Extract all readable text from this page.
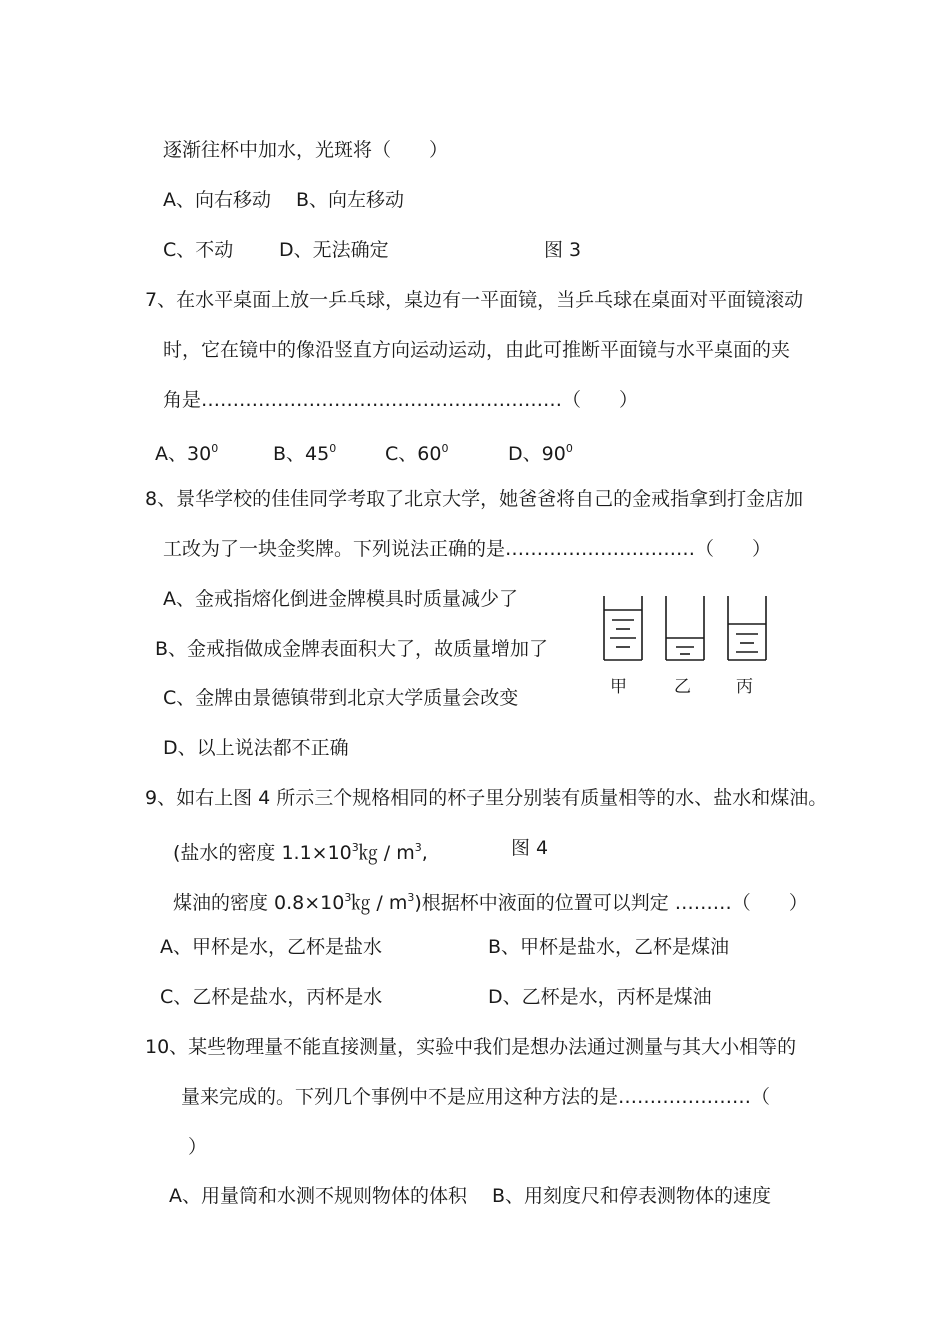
逐渐往杯中加水，光斑将（　　）
A、向右移动 B、向左移动
C、不动 D、无法确定	图 3
7、在水平桌面上放一乒乓球，桌边有一平面镜，当乒乓球在桌面对平面镜滚动
时，它在镜中的像沿竖直方向运动运动，由此可推断平面镜与水平桌面的夹
角是…………………………………………………（　　）
A、$30^0$	B、$45^0$	C、$60^0$	D、$90^0$
8、景华学校的佳佳同学考取了北京大学，她爸爸将自己的金戒指拿到打金店加
工改为了一块金奖牌。下列说法正确的是…………………………（　　）
A、金戒指熔化倒进金牌模具时质量减少了
B、金戒指做成金牌表面积大了，故质量增加了
C、金牌由景德镇带到北京大学质量会改变
D、以上说法都不正确
甲	乙	丙
9、如右上图 4 所示三个规格相同的杯子里分别装有质量相等的水、盐水和煤油。
(盐水的密度 $1.1\times 10^3㎏ / m^3$,	图 4
煤油的密度 $0.8\times 10^3㎏ / m^3$)根据杯中液面的位置可以判定 ………（　　）
A、甲杯是水，乙杯是盐水	B、甲杯是盐水，乙杯是煤油
C、乙杯是盐水，丙杯是水	D、乙杯是水，丙杯是煤油
10、某些物理量不能直接测量，实验中我们是想办法通过测量与其大小相等的
量来完成的。下列几个事例中不是应用这种方法的是…………………（
）
A、用量筒和水测不规则物体的体积 B、用刻度尺和停表测物体的速度
